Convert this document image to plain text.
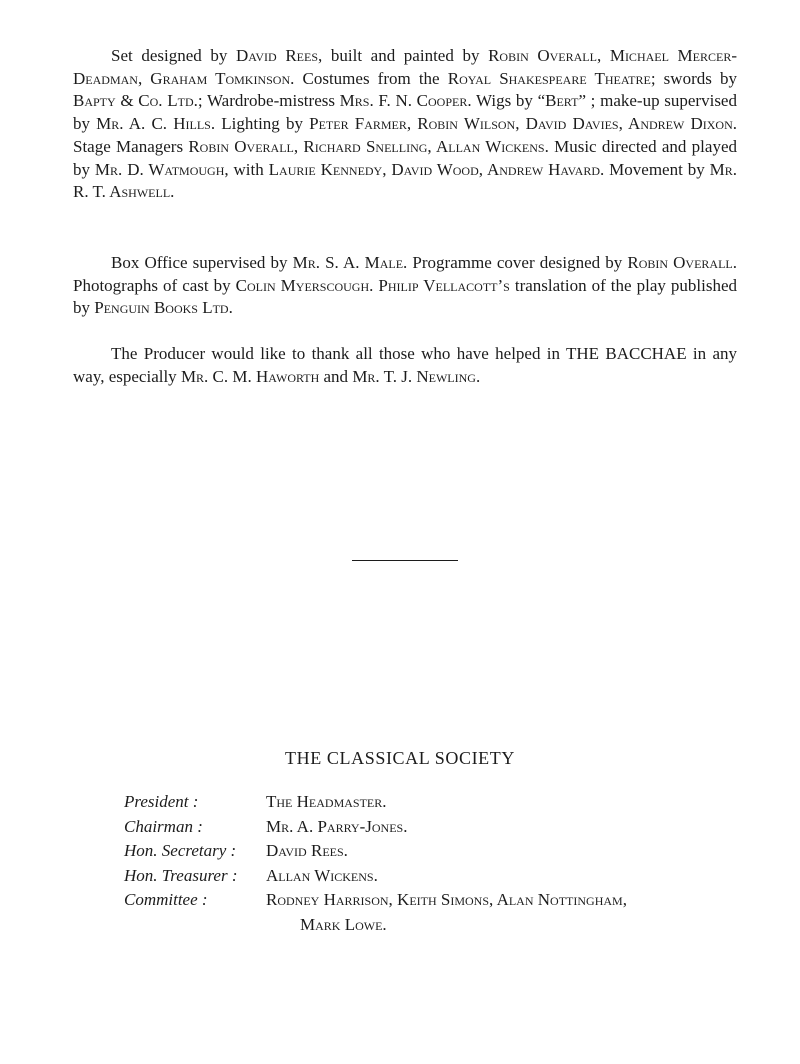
Set designed by David Rees, built and painted by Robin Overall, Michael Mercer-Deadman, Graham Tomkinson. Costumes from the Royal Shakespeare Theatre; swords by Bapty & Co. Ltd.; Wardrobe-mistress Mrs. F. N. Cooper. Wigs by “Bert” ; make-up supervised by Mr. A. C. Hills. Lighting by Peter Farmer, Robin Wilson, David Davies, Andrew Dixon. Stage Managers Robin Overall, Richard Snelling, Allan Wickens. Music directed and played by Mr. D. Watmough, with Laurie Kennedy, David Wood, Andrew Havard. Movement by Mr. R. T. Ashwell.

Box Office supervised by Mr. S. A. Male. Programme cover designed by Robin Overall. Photographs of cast by Colin Myerscough. Philip Vellacott’s translation of the play published by Penguin Books Ltd.

The Producer would like to thank all those who have helped in THE BACCHAE in any way, especially Mr. C. M. Haworth and Mr. T. J. Newling.

THE CLASSICAL SOCIETY
President :	The Headmaster.
Chairman :	Mr. A. Parry-Jones.
Hon. Secretary :	David Rees.
Hon. Treasurer :	Allan Wickens.
Committee :	Rodney Harrison, Keith Simons, Alan Nottingham,
Mark Lowe.
